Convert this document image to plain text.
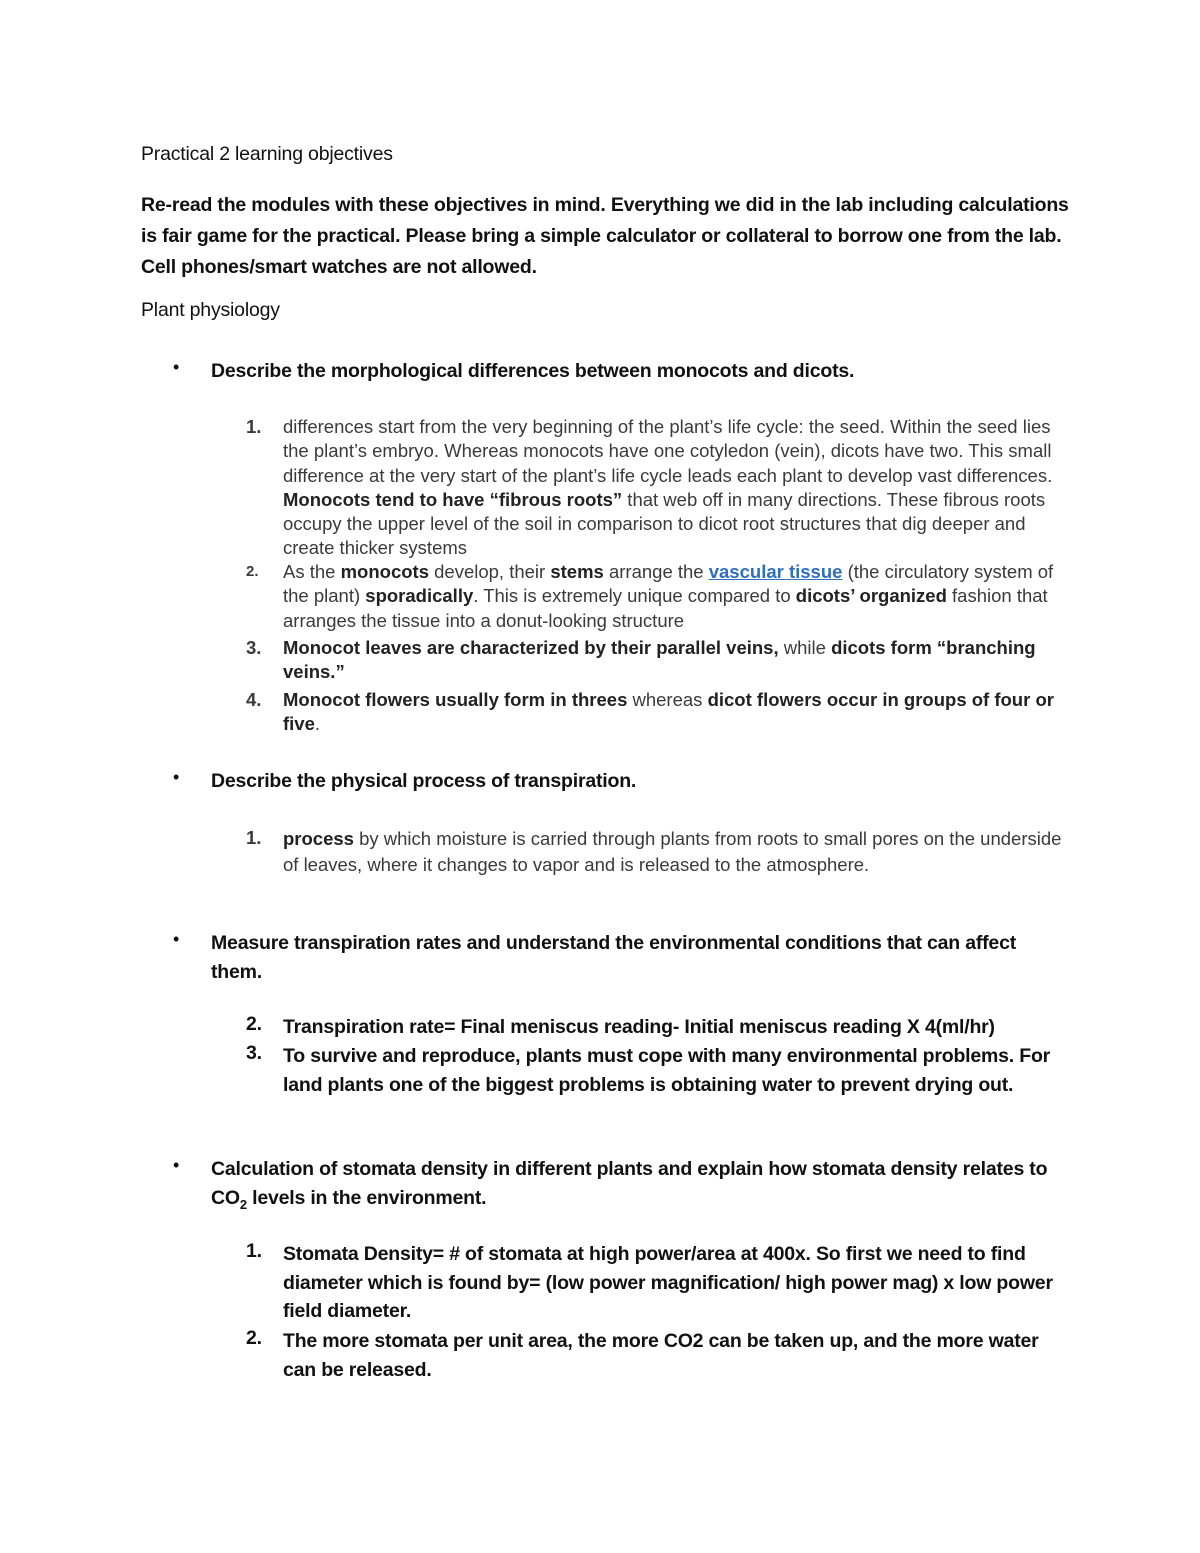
Practical 2 learning objectives
Re-read the modules with these objectives in mind. Everything we did in the lab including calculations is fair game for the practical. Please bring a simple calculator or collateral to borrow one from the lab. Cell phones/smart watches are not allowed.
Plant physiology
• Describe the morphological differences between monocots and dicots.
1.	differences start from the very beginning of the plant’s life cycle: the seed. Within the seed lies the plant’s embryo. Whereas monocots have one cotyledon (vein), dicots have two. This small difference at the very start of the plant’s life cycle leads each plant to develop vast differences. Monocots tend to have “fibrous roots” that web off in many directions. These fibrous roots occupy the upper level of the soil in comparison to dicot root structures that dig deeper and create thicker systems
2.	As the monocots develop, their stems arrange the vascular tissue (the circulatory system of the plant) sporadically. This is extremely unique compared to dicots’ organized fashion that arranges the tissue into a donut-looking structure
3.	Monocot leaves are characterized by their parallel veins, while dicots form “branching veins.”
4.	Monocot flowers usually form in threes whereas dicot flowers occur in groups of four or five.
• Describe the physical process of transpiration.
1.	process by which moisture is carried through plants from roots to small pores on the underside of leaves, where it changes to vapor and is released to the atmosphere.
• Measure transpiration rates and understand the environmental conditions that can affect them.
2.	Transpiration rate= Final meniscus reading- Initial meniscus reading X 4(ml/hr)
3.	To survive and reproduce, plants must cope with many environmental problems. For land plants one of the biggest problems is obtaining water to prevent drying out.
• Calculation of stomata density in different plants and explain how stomata density relates to $CO_2$ levels in the environment.
1.	Stomata Density= # of stomata at high power/area at 400x. So first we need to find diameter which is found by= (low power magnification/ high power mag) x low power field diameter.
2.	The more stomata per unit area, the more CO2 can be taken up, and the more water can be released.
